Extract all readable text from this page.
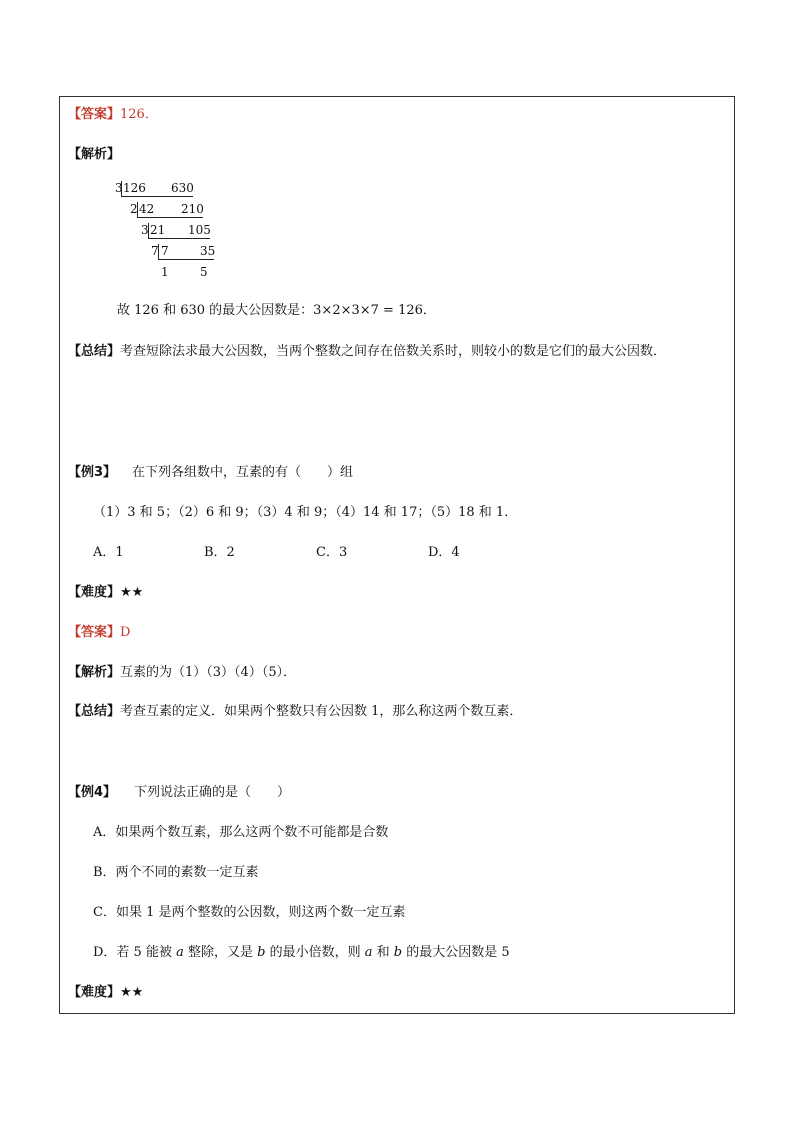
【答案】126．
【解析】
3 126 630
2 42 210
3 21 105
7 7	35
1	5
故 126 和 630 的最大公因数是：3×2×3×7 = 126．
【总结】考查短除法求最大公因数，当两个整数之间存在倍数关系时，则较小的数是它们的最大公因数．
【例3】 在下列各组数中，互素的有（　　）组
（1）3 和 5；（2）6 和 9；（3）4 和 9；（4）14 和 17；（5）18 和 1．
A．1	B．2	C．3	D．4
【难度】★★
【答案】D
【解析】互素的为（1）（3）（4）（5）．
【总结】考查互素的定义．如果两个整数只有公因数 1，那么称这两个数互素．
【例4】 下列说法正确的是（　　）
A．如果两个数互素，那么这两个数不可能都是合数
B．两个不同的素数一定互素
C．如果 1 是两个整数的公因数，则这两个数一定互素
D．若 5 能被 a 整除，又是 b 的最小倍数，则 a 和 b 的最大公因数是 5
【难度】★★
